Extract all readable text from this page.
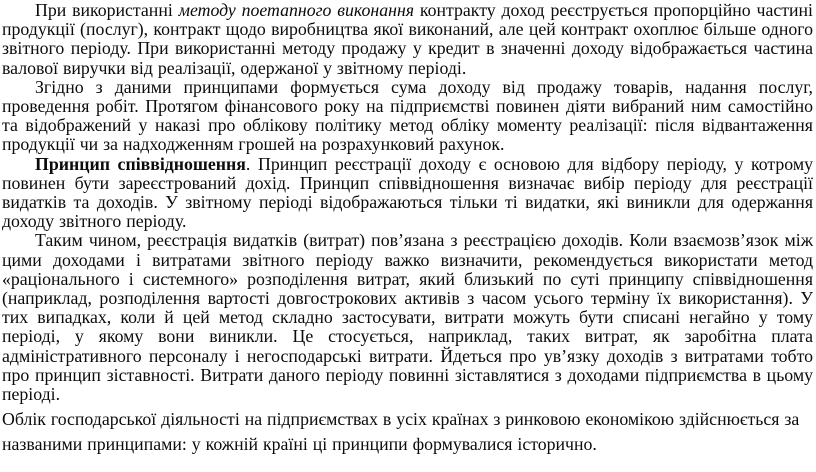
При використанні методу поетапного виконання контракту доход реєструється пропорційно частині продукції (послуг), контракт щодо виробництва якої виконаний, але цей контракт охоплює більше одного звітного періоду. При використанні методу продажу у кредит в значенні доходу відображається частина валової виручки від реалізації, одержаної у звітному періоді.

Згідно з даними принципами формується сума доходу від продажу товарів, надання послуг, проведення робіт. Протягом фінансового року на підприємстві повинен діяти вибраний ним самостійно та відображений у наказі про облікову політику метод обліку моменту реалізації: після відвантаження продукції чи за надходженням грошей на розрахунковий рахунок.

Принцип співвідношення. Принцип реєстрації доходу є основою для відбору періоду, у котрому повинен бути зареєстрований дохід. Принцип співвідношення визначає вибір періоду для реєстрації видатків та доходів. У звітному періоді відображаються тільки ті видатки, які виникли для одержання доходу звітного періоду.

Таким чином, реєстрація видатків (витрат) пов’язана з реєстрацією доходів. Коли взаємозв’язок між цими доходами і витратами звітного періоду важко визначити, рекомендується використати метод «раціонального і системного» розподілення витрат, який близький по суті принципу співвідношення (наприклад, розподілення вартості довгострокових активів з часом усього терміну їх використання). У тих випадках, коли й цей метод складно застосувати, витрати можуть бути списані негайно у тому періоді, у якому вони виникли. Це стосується, наприклад, таких витрат, як заробітна плата адміністративного персоналу і негосподарські витрати. Йдеться про ув’язку доходів з витратами тобто про принцип зіставності. Витрати даного періоду повинні зіставлятися з доходами підприємства в цьому періоді.

Облік господарської діяльності на підприємствах в усіх країнах з ринковою економікою здійснюється за названими принципами: у кожній країні ці принципи формувалися історично.
